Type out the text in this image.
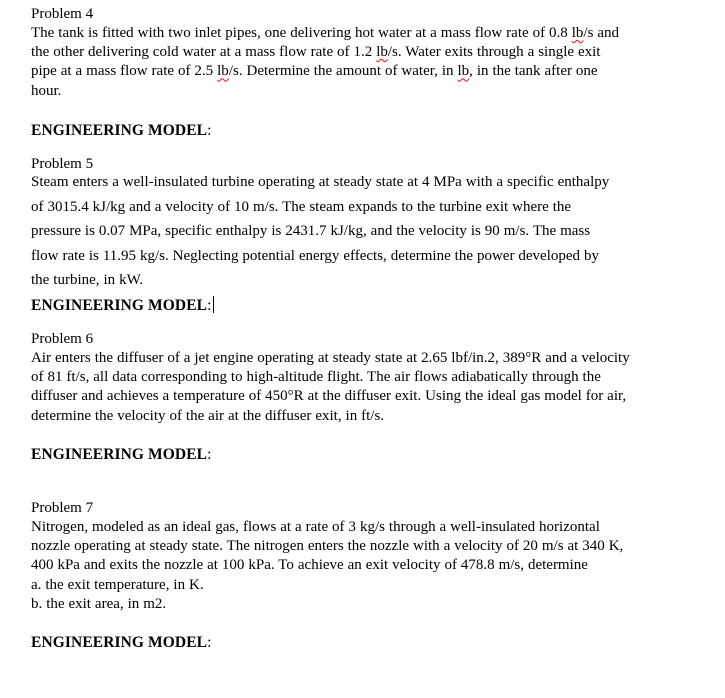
Problem 4

The tank is fitted with two inlet pipes, one delivering hot water at a mass flow rate of 0.8 lb/s and
the other delivering cold water at a mass flow rate of 1.2 lb/s. Water exits through a single exit
pipe at a mass flow rate of 2.5 lb/s. Determine the amount of water, in lb, in the tank after one
hour.

ENGINEERING MODEL:

Problem 5

Steam enters a well-insulated turbine operating at steady state at 4 MPa with a specific enthalpy
of 3015.4 kJ/kg and a velocity of 10 m/s. The steam expands to the turbine exit where the
pressure is 0.07 MPa, specific enthalpy is 2431.7 kJ/kg, and the velocity is 90 m/s. The mass
flow rate is 11.95 kg/s. Neglecting potential energy effects, determine the power developed by
the turbine, in kW.

ENGINEERING MODEL:

Problem 6

Air enters the diffuser of a jet engine operating at steady state at 2.65 lbf/in.2, 389°R and a velocity
of 81 ft/s, all data corresponding to high-altitude flight. The air flows adiabatically through the
diffuser and achieves a temperature of 450°R at the diffuser exit. Using the ideal gas model for air,
determine the velocity of the air at the diffuser exit, in ft/s.

ENGINEERING MODEL:

Problem 7

Nitrogen, modeled as an ideal gas, flows at a rate of 3 kg/s through a well-insulated horizontal
nozzle operating at steady state. The nitrogen enters the nozzle with a velocity of 20 m/s at 340 K,
400 kPa and exits the nozzle at 100 kPa. To achieve an exit velocity of 478.8 m/s, determine
a. the exit temperature, in K.
b. the exit area, in m2.

ENGINEERING MODEL:
